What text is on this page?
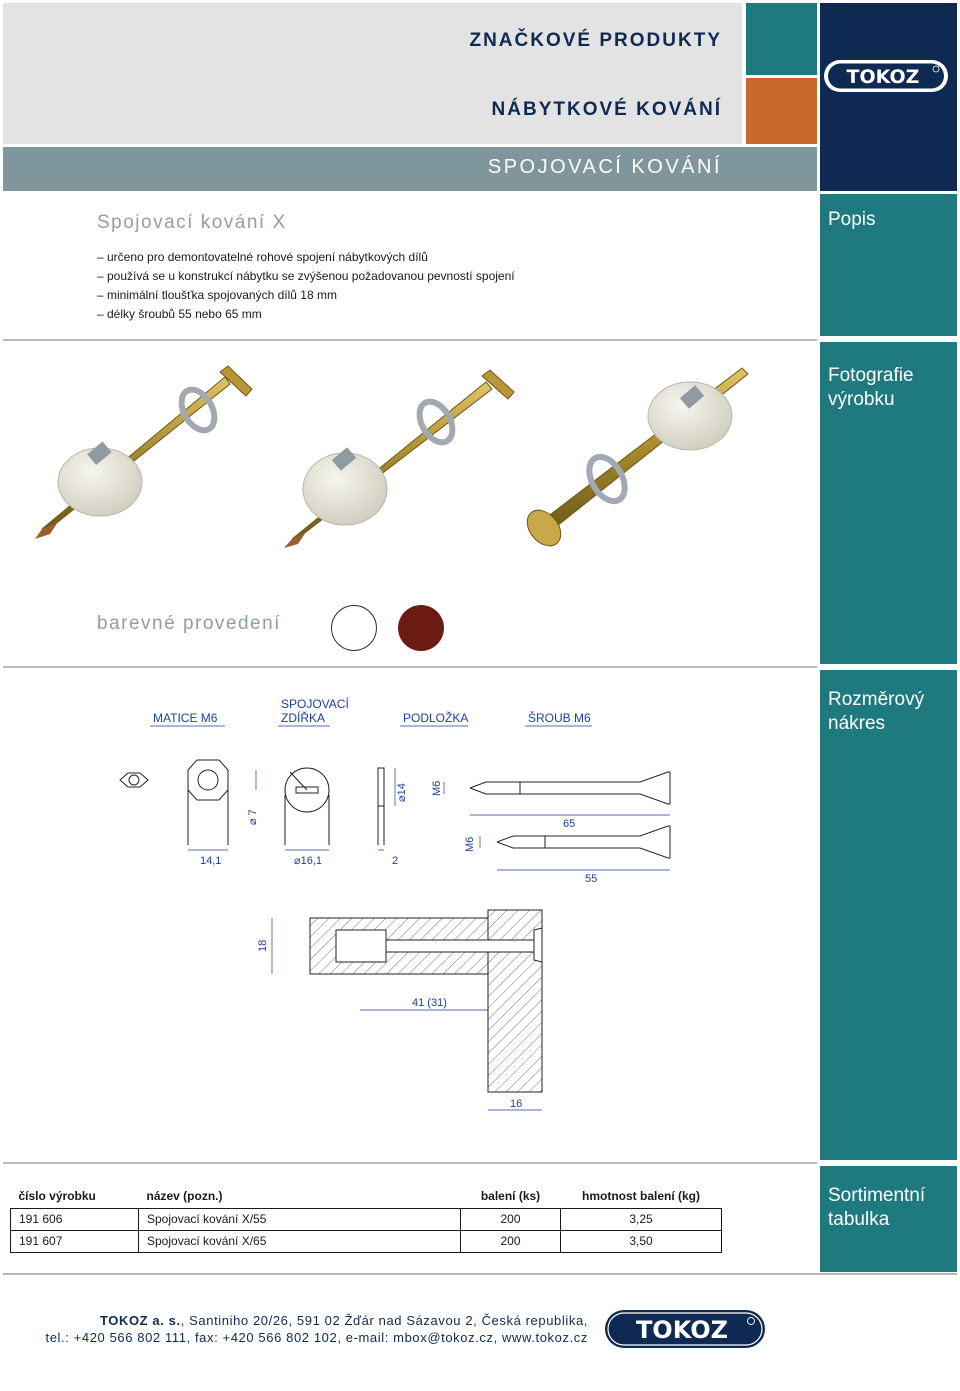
ZNAČKOVÉ PRODUKTY
NÁBYTKOVÉ KOVÁNÍ
SPOJOVACÍ KOVÁNÍ
TOKOZ
Popis
Fotografie
výrobku
Rozměrový
nákres
Sortimentní
tabulka
Spojovací kování X
– určeno pro demontovatelné rohové spojení nábytkových dílů
– používá se u konstrukcí nábytku se zvýšenou požadovanou pevností spojení
– minimální tloušťka spojovaných dílů 18 mm
– délky šroubů 55 nebo 65 mm
barevné provedení
MATICE M6
SPOJOVACÍ
ZDÍŘKA	PODLOŽKA	ŠROUB M6
14,1	⌀16,1	2
65
55
⌀ 7
⌀14 M6
M6
18
41 (31)
16
číslo výrobku	název (pozn.)	balení (ks)	hmotnost balení (kg)
191 606	Spojovací kování X/55	200	3,25
191 607	Spojovací kování X/65	200	3,50
TOKOZ a. s., Santiniho 20/26, 591 02 Žďár nad Sázavou 2, Česká republika,
tel.: +420 566 802 111, fax: +420 566 802 102, e-mail: mbox@tokoz.cz, www.tokoz.cz TOKOZ
